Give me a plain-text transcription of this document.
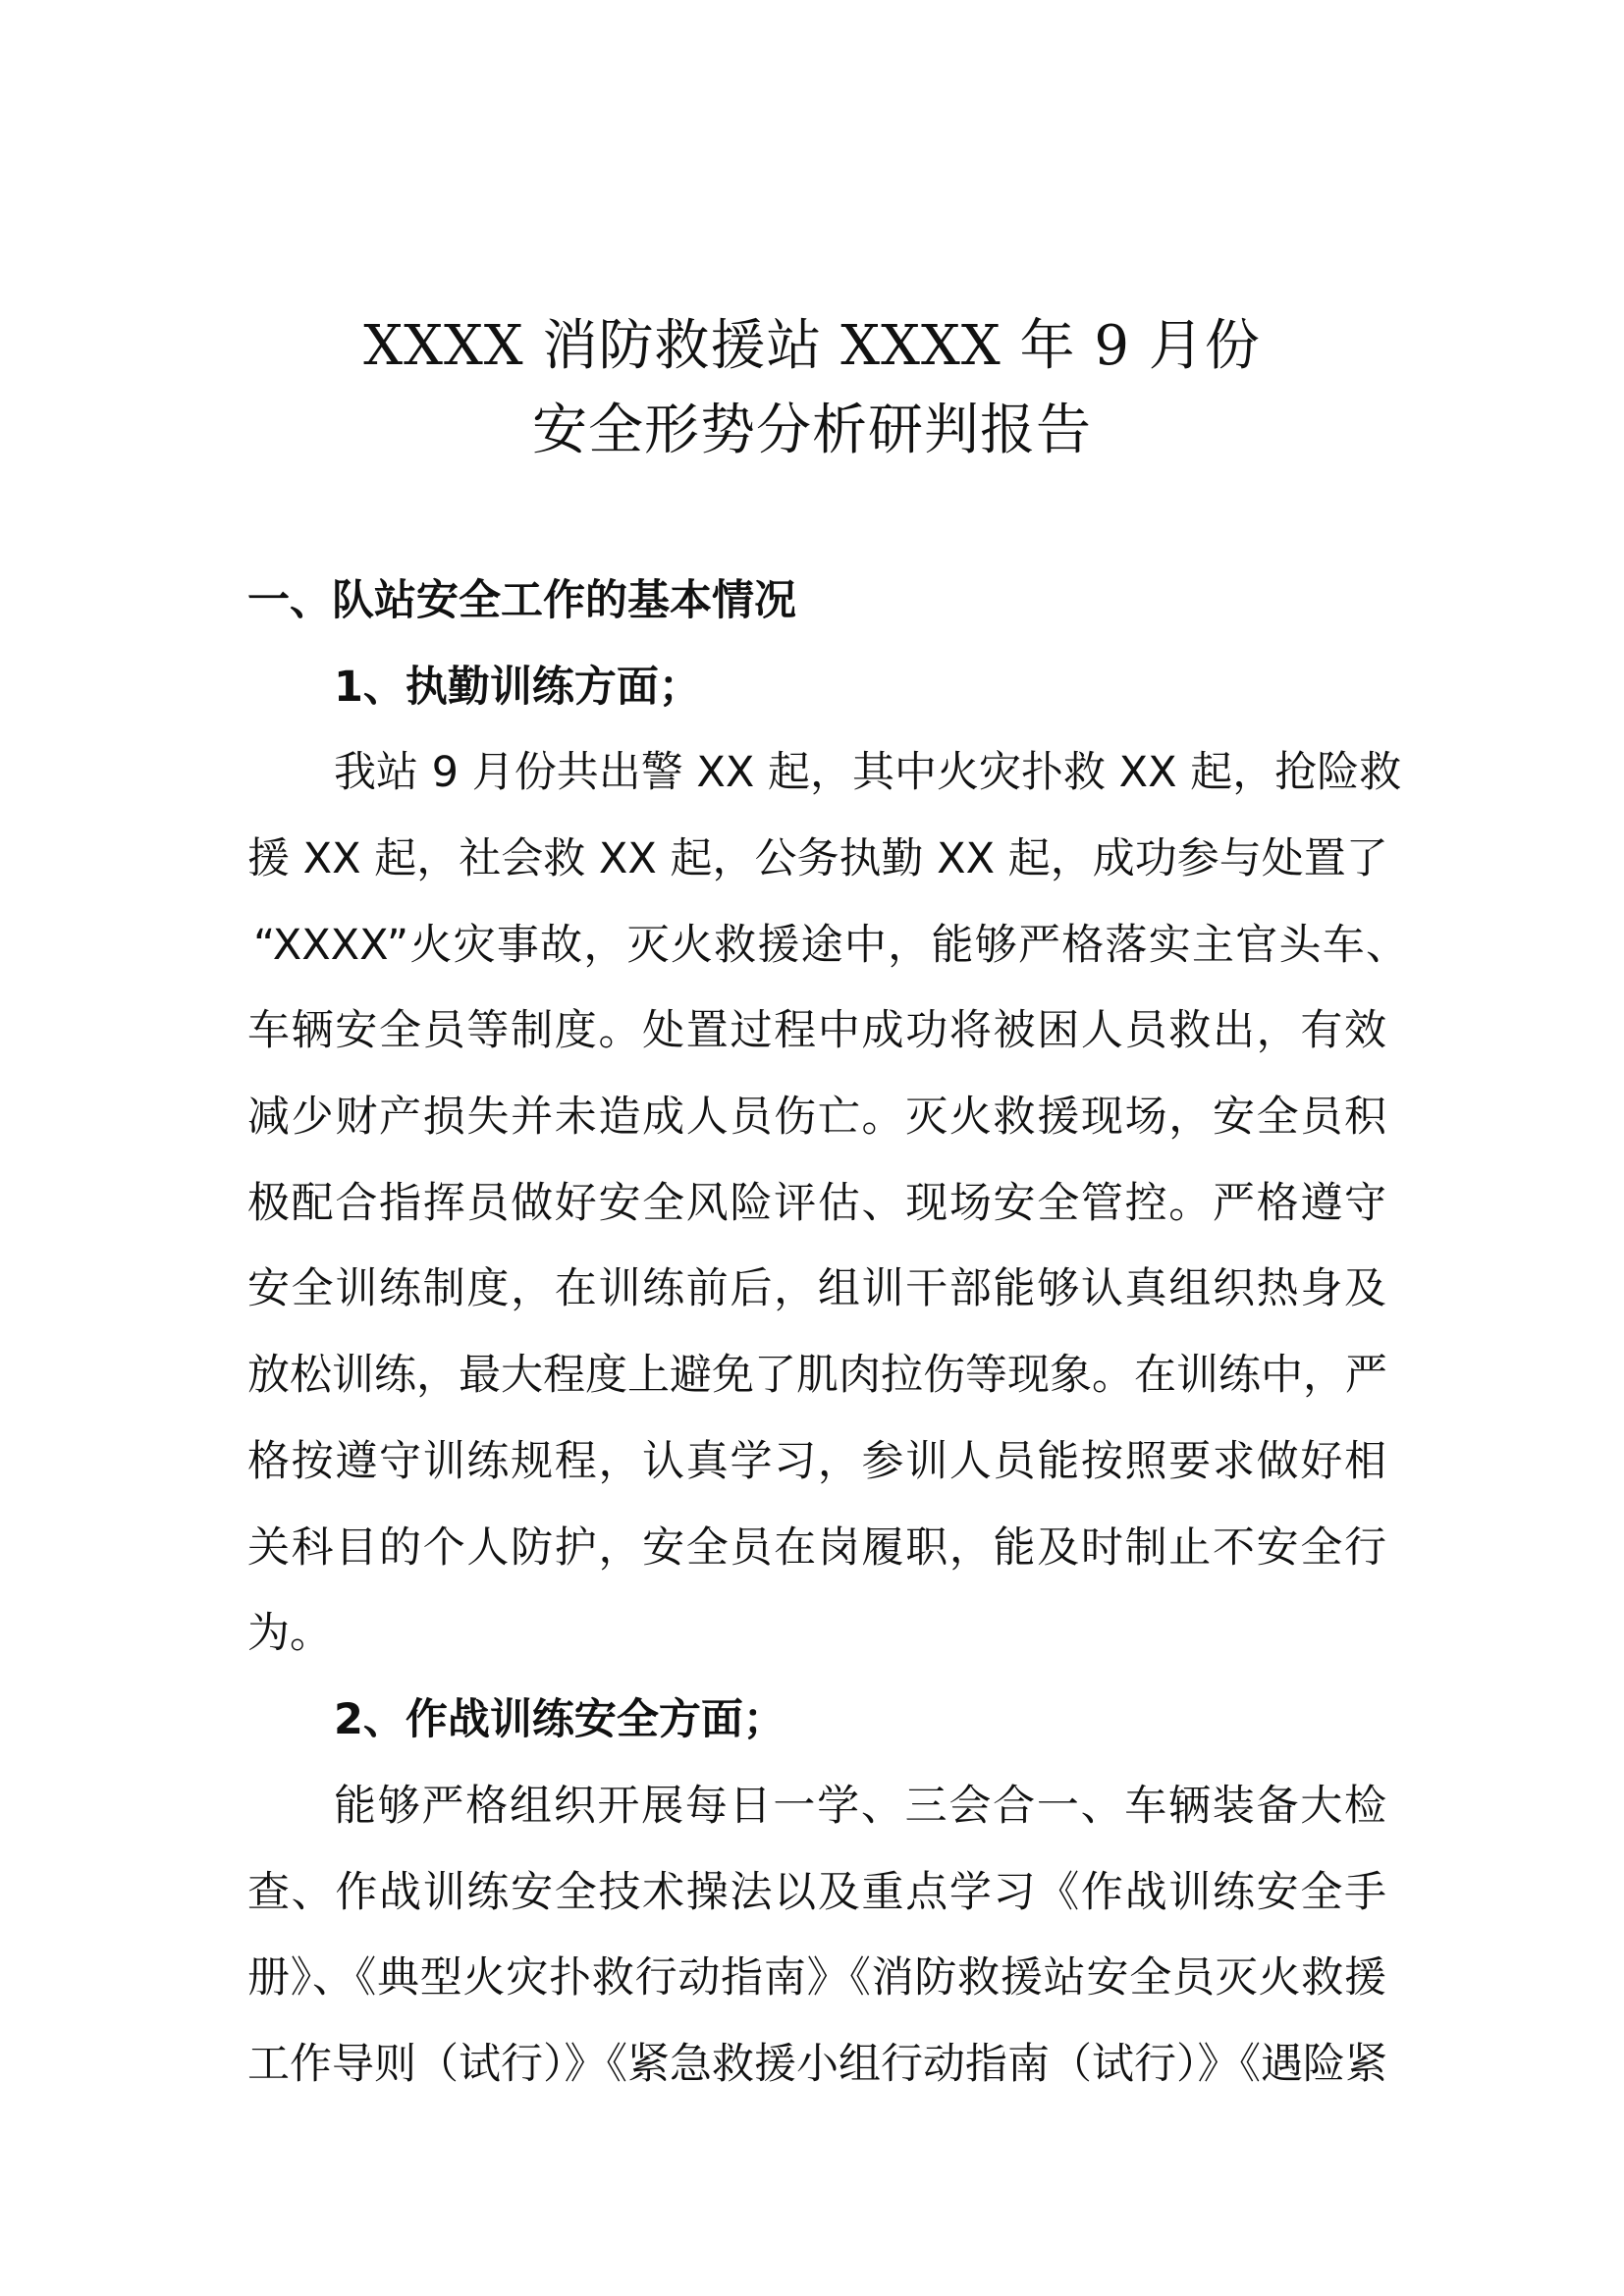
XXXX 消防救援站 XXXX 年 9 月份
安全形势分析研判报告
一、队站安全工作的基本情况
1、执勤训练方面；
我站 9 月份共出警 XX 起，其中火灾扑救 XX 起，抢险救
援 XX 起，社会救 XX 起，公务执勤 XX 起，成功参与处置了
“XXXX”火灾事故，灭火救援途中，能够严格落实主官头车、
车辆安全员等制度。处置过程中成功将被困人员救出，有效
减少财产损失并未造成人员伤亡。灭火救援现场，安全员积
极配合指挥员做好安全风险评估、现场安全管控。严格遵守
安全训练制度，在训练前后，组训干部能够认真组织热身及
放松训练，最大程度上避免了肌肉拉伤等现象。在训练中，严
格按遵守训练规程，认真学习，参训人员能按照要求做好相
关科目的个人防护，安全员在岗履职，能及时制止不安全行
为。
2、作战训练安全方面；
能够严格组织开展每日一学、三会合一、车辆装备大检
查、作战训练安全技术操法以及重点学习《作战训练安全手
册》、《典型火灾扑救行动指南》《消防救援站安全员灭火救援
工作导则（试行）》《紧急救援小组行动指南（试行）》《遇险紧
